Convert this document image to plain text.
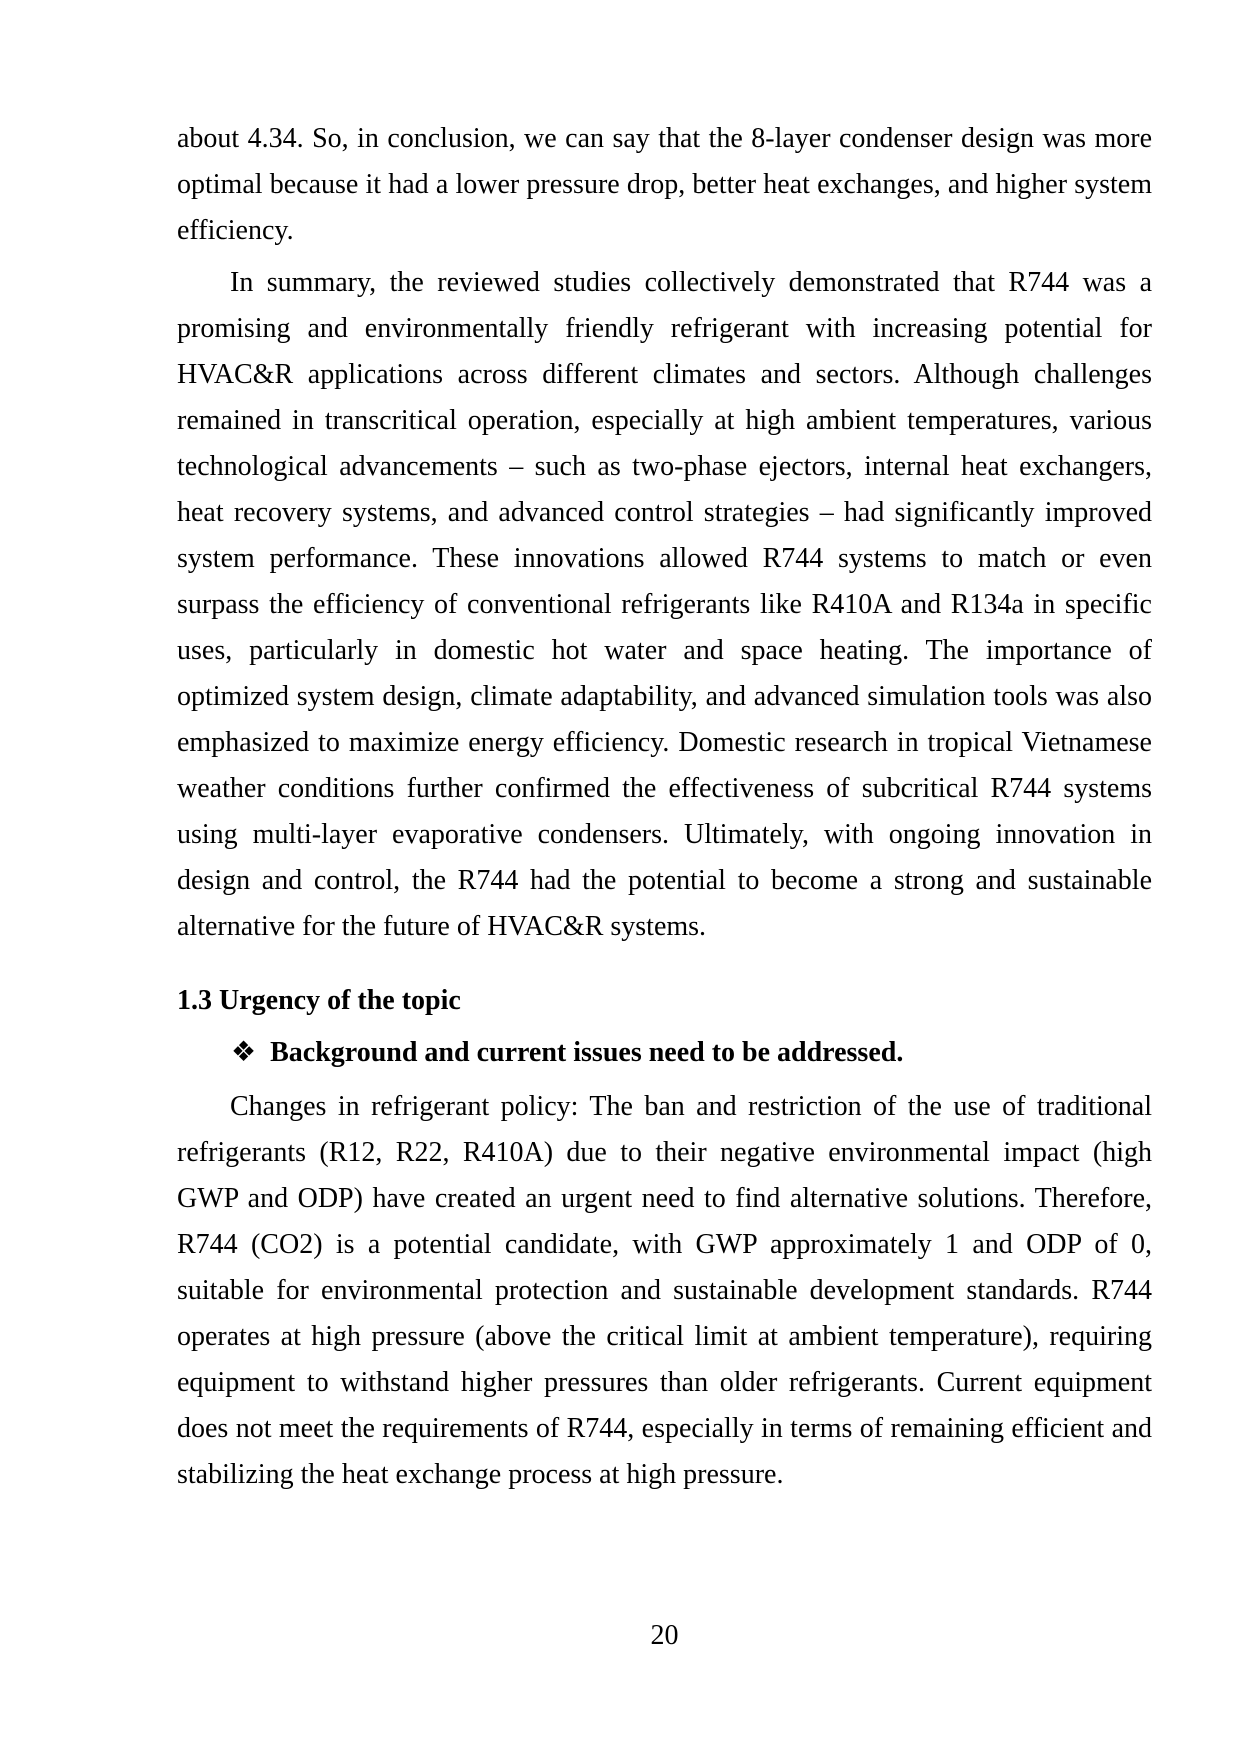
about 4.34. So, in conclusion, we can say that the 8-layer condenser design was more optimal because it had a lower pressure drop, better heat exchanges, and higher system efficiency.

In summary, the reviewed studies collectively demonstrated that R744 was a promising and environmentally friendly refrigerant with increasing potential for HVAC&R applications across different climates and sectors. Although challenges remained in transcritical operation, especially at high ambient temperatures, various technological advancements – such as two-phase ejectors, internal heat exchangers, heat recovery systems, and advanced control strategies – had significantly improved system performance. These innovations allowed R744 systems to match or even surpass the efficiency of conventional refrigerants like R410A and R134a in specific uses, particularly in domestic hot water and space heating. The importance of optimized system design, climate adaptability, and advanced simulation tools was also emphasized to maximize energy efficiency. Domestic research in tropical Vietnamese weather conditions further confirmed the effectiveness of subcritical R744 systems using multi-layer evaporative condensers. Ultimately, with ongoing innovation in design and control, the R744 had the potential to become a strong and sustainable alternative for the future of HVAC&R systems.

1.3 Urgency of the topic
❖ Background and current issues need to be addressed.

Changes in refrigerant policy: The ban and restriction of the use of traditional refrigerants (R12, R22, R410A) due to their negative environmental impact (high GWP and ODP) have created an urgent need to find alternative solutions. Therefore, R744 (CO2) is a potential candidate, with GWP approximately 1 and ODP of 0, suitable for environmental protection and sustainable development standards. R744 operates at high pressure (above the critical limit at ambient temperature), requiring equipment to withstand higher pressures than older refrigerants. Current equipment does not meet the requirements of R744, especially in terms of remaining efficient and stabilizing the heat exchange process at high pressure.

20
